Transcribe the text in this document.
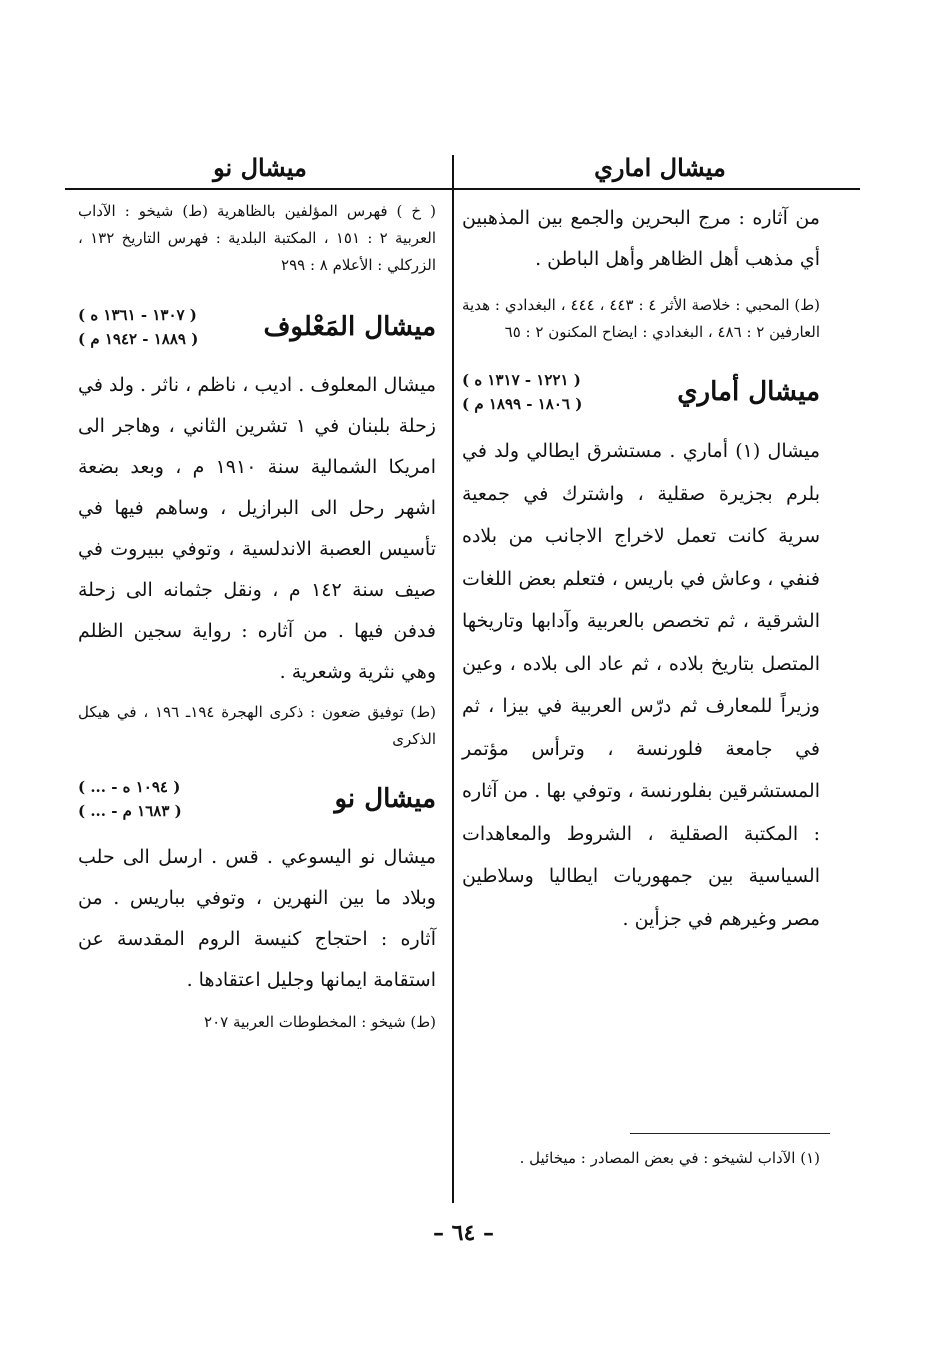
ميشال اماري
ميشال نو

من آثاره : مرج البحرين والجمع بين المذهبين أي مذهب أهل الظاهر وأهل الباطن .

(ط) المحبي : خلاصة الأثر ٤ : ٤٤٣ ، ٤٤٤ ، البغدادي : هدية العارفين ٢ : ٤٨٦ ، البغدادي : ايضاح المكنون ٢ : ٦٥

ميشال أماري
( ١٢٢١ - ١٣١٧ ه )
( ١٨٠٦ - ١٨٩٩ م )

ميشال (١) أماري . مستشرق ايطالي ولد في بلرم بجزيرة صقلية ، واشترك في جمعية سرية كانت تعمل لاخراج الاجانب من بلاده فنفي ، وعاش في باريس ، فتعلم بعض اللغات الشرقية ، ثم تخصص بالعربية وآدابها وتاريخها المتصل بتاريخ بلاده ، ثم عاد الى بلاده ، وعين وزيراً للمعارف ثم درّس العربية في بيزا ، ثم في جامعة فلورنسة ، وترأس مؤتمر المستشرقين بفلورنسة ، وتوفي بها . من آثاره : المكتبة الصقلية ، الشروط والمعاهدات السياسية بين جمهوريات ايطاليا وسلاطين مصر وغيرهم في جزأين .

(١) الآداب لشيخو : في بعض المصادر : ميخائيل .

( خ ) فهرس المؤلفين بالظاهرية (ط) شيخو : الآداب العربية ٢ : ١٥١ ، المكتبة البلدية : فهرس التاريخ ١٣٢ ، الزركلي : الأعلام ٨ : ٢٩٩

ميشال المَعْلوف
( ١٣٠٧ - ١٣٦١ ه )
( ١٨٨٩ - ١٩٤٢ م )

ميشال المعلوف . اديب ، ناظم ، ناثر . ولد في زحلة بلبنان في ١ تشرين الثاني ، وهاجر الى امريكا الشمالية سنة ١٩١٠ م ، وبعد بضعة اشهر رحل الى البرازيل ، وساهم فيها في تأسيس العصبة الاندلسية ، وتوفي ببيروت في صيف سنة ١٤٢ م ، ونقل جثمانه الى زحلة فدفن فيها . من آثاره : رواية سجين الظلم وهي نثرية وشعرية .

(ط) توفيق ضعون : ذكرى الهجرة ١٩٤ـ ١٩٦ ، في هيكل الذكرى

ميشال نو
( ... - ١٠٩٤ ه )
( ... - ١٦٨٣ م )

ميشال نو اليسوعي . قس . ارسل الى حلب وبلاد ما بين النهرين ، وتوفي بباريس . من آثاره : احتجاج كنيسة الروم المقدسة عن استقامة ايمانها وجليل اعتقادها .

(ط) شيخو : المخطوطات العربية ٢٠٧

– ٦٤ –
